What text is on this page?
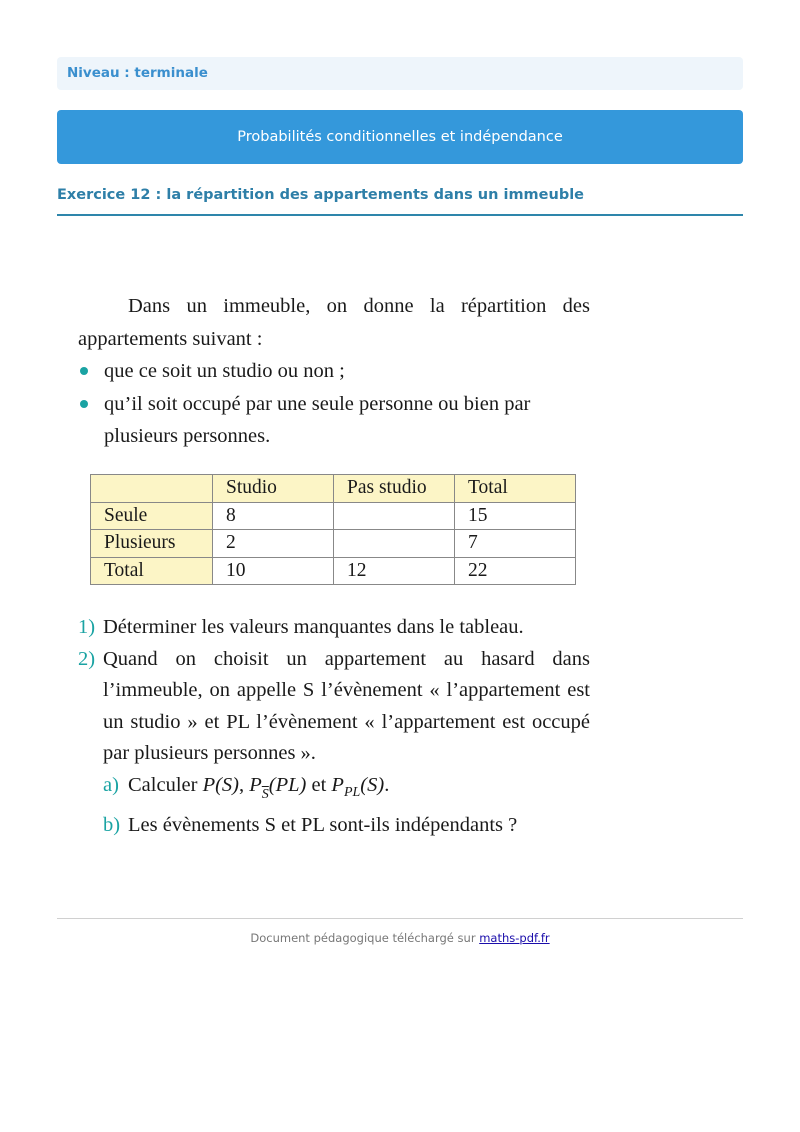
Niveau : terminale
Probabilités conditionnelles et indépendance
Exercice 12 : la répartition des appartements dans un immeuble

Dans un immeuble, on donne la répartition des appartements suivant :

que ce soit un studio ou non ;
qu’il soit occupé par une seule personne ou bien par plusieurs personnes.
	Studio	Pas studio	Total
Seule	8		15
Plusieurs	2		7
Total	10	12	22
1) Déterminer les valeurs manquantes dans le tableau.
2) Quand on choisit un appartement au hasard dans l’immeuble, on appelle S l’évènement « l’appartement est un studio » et PL l’évènement « l’appartement est occupé par plusieurs personnes ».
a) Calculer P(S), $P_{\overline{S}}(PL)$ et $P_{PL}(S)$.
b) Les évènements S et PL sont-ils indépendants ?
Document pédagogique téléchargé sur maths-pdf.fr
